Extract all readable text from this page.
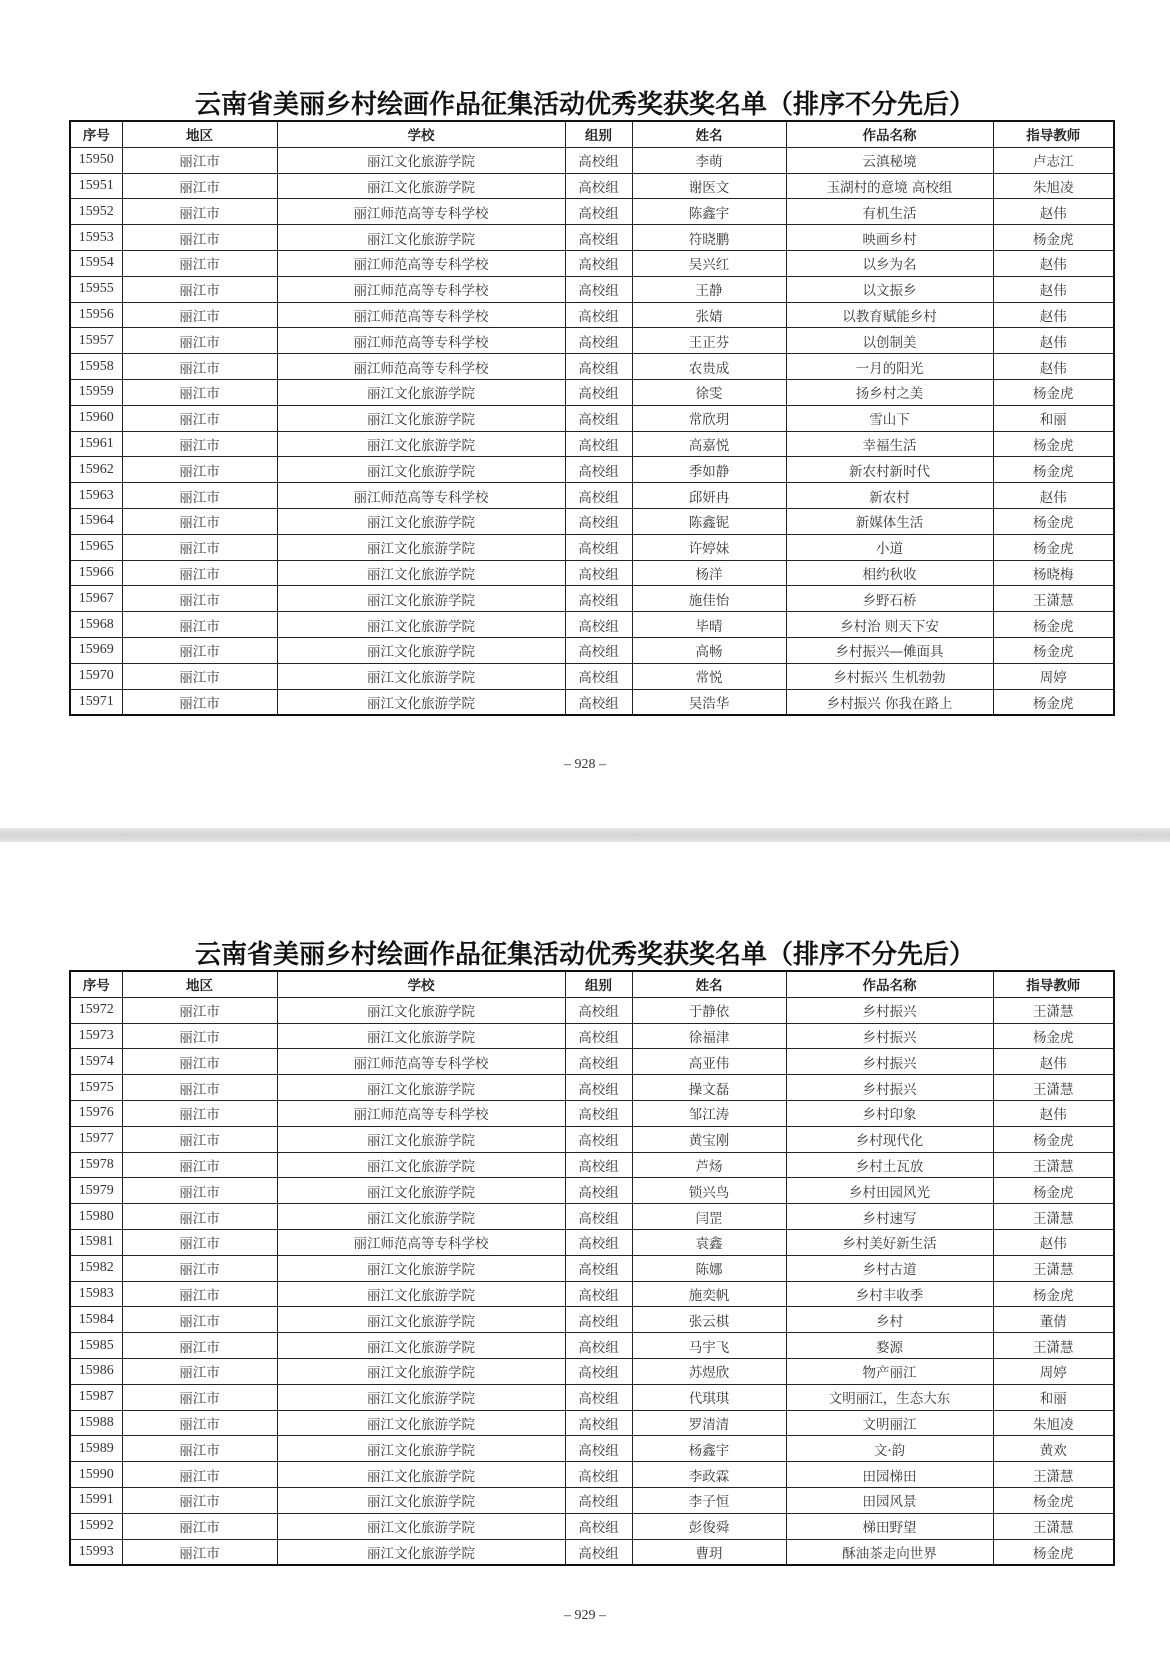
云南省美丽乡村绘画作品征集活动优秀奖获奖名单（排序不分先后）
序号	地区	学校	组别	姓名	作品名称	指导教师
15950	丽江市	丽江文化旅游学院	高校组	李萌	云滇秘境	卢志江
15951	丽江市	丽江文化旅游学院	高校组	谢医文	玉湖村的意境 高校组	朱旭凌
15952	丽江市	丽江师范高等专科学校	高校组	陈鑫宇	有机生活	赵伟
15953	丽江市	丽江文化旅游学院	高校组	符晓鹏	映画乡村	杨金虎
15954	丽江市	丽江师范高等专科学校	高校组	吴兴红	以乡为名	赵伟
15955	丽江市	丽江师范高等专科学校	高校组	王静	以文振乡	赵伟
15956	丽江市	丽江师范高等专科学校	高校组	张婧	以教育赋能乡村	赵伟
15957	丽江市	丽江师范高等专科学校	高校组	王正芬	以创制美	赵伟
15958	丽江市	丽江师范高等专科学校	高校组	农贵成	一月的阳光	赵伟
15959	丽江市	丽江文化旅游学院	高校组	徐雯	扬乡村之美	杨金虎
15960	丽江市	丽江文化旅游学院	高校组	常欣玥	雪山下	和丽
15961	丽江市	丽江文化旅游学院	高校组	高嘉悦	幸福生活	杨金虎
15962	丽江市	丽江文化旅游学院	高校组	季如静	新农村新时代	杨金虎
15963	丽江市	丽江师范高等专科学校	高校组	邱妍冉	新农村	赵伟
15964	丽江市	丽江文化旅游学院	高校组	陈鑫铌	新媒体生活	杨金虎
15965	丽江市	丽江文化旅游学院	高校组	许婷妹	小道	杨金虎
15966	丽江市	丽江文化旅游学院	高校组	杨洋	相约秋收	杨晓梅
15967	丽江市	丽江文化旅游学院	高校组	施佳怡	乡野石桥	王潇慧
15968	丽江市	丽江文化旅游学院	高校组	毕晴	乡村治 则天下安	杨金虎
15969	丽江市	丽江文化旅游学院	高校组	高畅	乡村振兴—傩面具	杨金虎
15970	丽江市	丽江文化旅游学院	高校组	常悦	乡村振兴 生机勃勃	周婷
15971	丽江市	丽江文化旅游学院	高校组	吴浩华	乡村振兴 你我在路上	杨金虎
– 928 –
云南省美丽乡村绘画作品征集活动优秀奖获奖名单（排序不分先后）
序号	地区	学校	组别	姓名	作品名称	指导教师
15972	丽江市	丽江文化旅游学院	高校组	于静依	乡村振兴	王潇慧
15973	丽江市	丽江文化旅游学院	高校组	徐福津	乡村振兴	杨金虎
15974	丽江市	丽江师范高等专科学校	高校组	高亚伟	乡村振兴	赵伟
15975	丽江市	丽江文化旅游学院	高校组	操文磊	乡村振兴	王潇慧
15976	丽江市	丽江师范高等专科学校	高校组	邹江涛	乡村印象	赵伟
15977	丽江市	丽江文化旅游学院	高校组	黄宝刚	乡村现代化	杨金虎
15978	丽江市	丽江文化旅游学院	高校组	芦炀	乡村土瓦放	王潇慧
15979	丽江市	丽江文化旅游学院	高校组	锁兴鸟	乡村田园风光	杨金虎
15980	丽江市	丽江文化旅游学院	高校组	闫罡	乡村速写	王潇慧
15981	丽江市	丽江师范高等专科学校	高校组	袁鑫	乡村美好新生活	赵伟
15982	丽江市	丽江文化旅游学院	高校组	陈娜	乡村古道	王潇慧
15983	丽江市	丽江文化旅游学院	高校组	施奕帆	乡村丰收季	杨金虎
15984	丽江市	丽江文化旅游学院	高校组	张云棋	乡村	董倩
15985	丽江市	丽江文化旅游学院	高校组	马宇飞	婺源	王潇慧
15986	丽江市	丽江文化旅游学院	高校组	苏煜欣	物产丽江	周婷
15987	丽江市	丽江文化旅游学院	高校组	代琪琪	文明丽江，生态大东	和丽
15988	丽江市	丽江文化旅游学院	高校组	罗清清	文明丽江	朱旭凌
15989	丽江市	丽江文化旅游学院	高校组	杨鑫宇	文·韵	黄欢
15990	丽江市	丽江文化旅游学院	高校组	李政霖	田园梯田	王潇慧
15991	丽江市	丽江文化旅游学院	高校组	李子恒	田园风景	杨金虎
15992	丽江市	丽江文化旅游学院	高校组	彭俊舜	梯田野望	王潇慧
15993	丽江市	丽江文化旅游学院	高校组	曹玥	酥油茶走向世界	杨金虎
– 929 –
